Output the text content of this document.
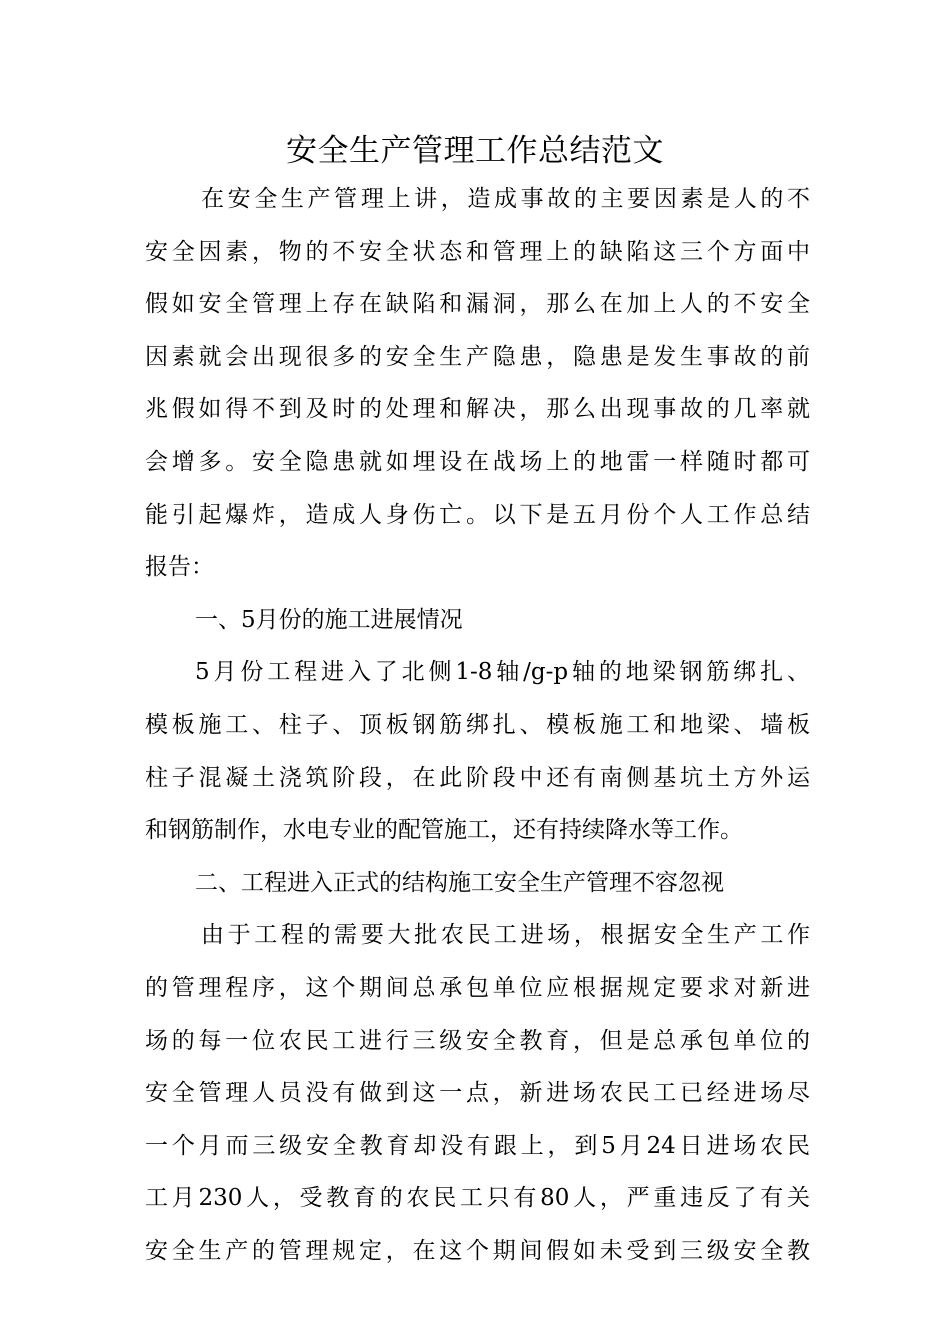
安全生产管理工作总结范文
在安全生产管理上讲，造成事故的主要因素是人的不
安全因素，物的不安全状态和管理上的缺陷这三个方面中
假如安全管理上存在缺陷和漏洞，那么在加上人的不安全
因素就会出现很多的安全生产隐患，隐患是发生事故的前
兆假如得不到及时的处理和解决，那么出现事故的几率就
会增多。安全隐患就如埋设在战场上的地雷一样随时都可
能引起爆炸，造成人身伤亡。以下是五月份个人工作总结
报告：
一、5月份的施工进展情况
5月份工程进入了北侧1-8轴/g-p轴的地梁钢筋绑扎、
模板施工、柱子、顶板钢筋绑扎、模板施工和地梁、墙板
柱子混凝土浇筑阶段，在此阶段中还有南侧基坑土方外运
和钢筋制作，水电专业的配管施工，还有持续降水等工作。
二、工程进入正式的结构施工安全生产管理不容忽视
由于工程的需要大批农民工进场，根据安全生产工作
的管理程序，这个期间总承包单位应根据规定要求对新进
场的每一位农民工进行三级安全教育，但是总承包单位的
安全管理人员没有做到这一点，新进场农民工已经进场尽
一个月而三级安全教育却没有跟上，到5月24日进场农民
工月230人，受教育的农民工只有80人，严重违反了有关
安全生产的管理规定，在这个期间假如未受到三级安全教
